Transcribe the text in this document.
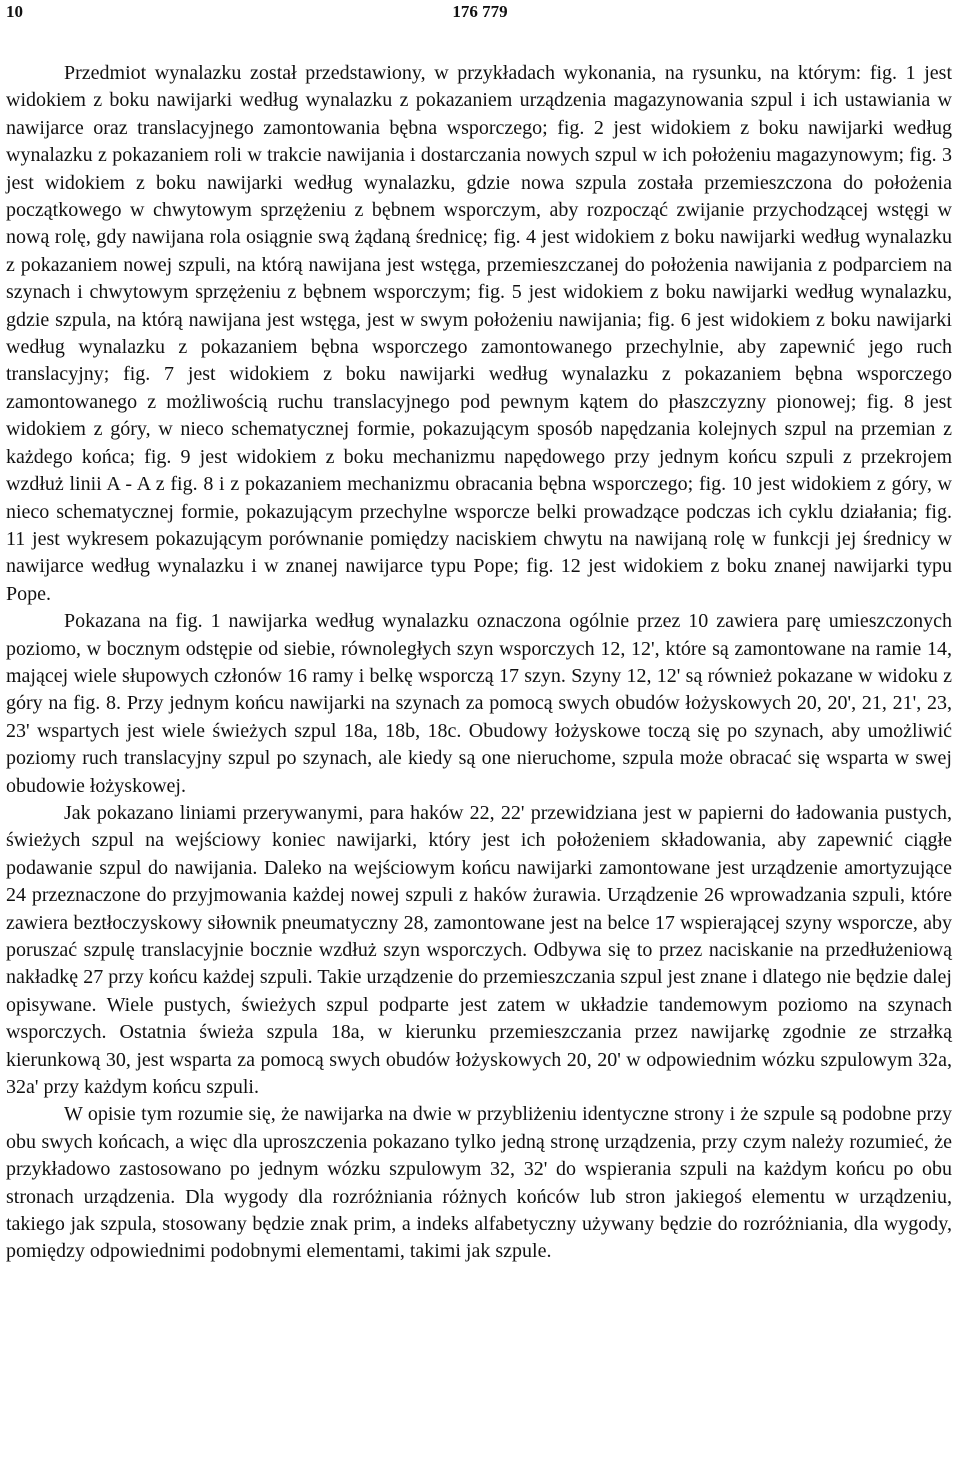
10	176 779

Przedmiot wynalazku został przedstawiony, w przykładach wykonania, na rysunku, na którym: fig. 1 jest widokiem z boku nawijarki według wynalazku z pokazaniem urządzenia magazynowania szpul i ich ustawiania w nawijarce oraz translacyjnego zamontowania bębna wsporczego; fig. 2 jest widokiem z boku nawijarki według wynalazku z pokazaniem roli w trakcie nawijania i dostarczania nowych szpul w ich położeniu magazynowym; fig. 3 jest widokiem z boku nawijarki według wynalazku, gdzie nowa szpula została przemieszczona do położenia początkowego w chwytowym sprzężeniu z bębnem wsporczym, aby rozpocząć zwijanie przychodzącej wstęgi w nową rolę, gdy nawijana rola osiągnie swą żądaną średnicę; fig. 4 jest widokiem z boku nawijarki według wynalazku z pokazaniem nowej szpuli, na którą nawijana jest wstęga, przemieszczanej do położenia nawijania z podparciem na szynach i chwytowym sprzężeniu z bębnem wsporczym; fig. 5 jest widokiem z boku nawijarki według wynalazku, gdzie szpula, na którą nawijana jest wstęga, jest w swym położeniu nawijania; fig. 6 jest widokiem z boku nawijarki według wynalazku z pokazaniem bębna wsporczego zamontowanego przechylnie, aby zapewnić jego ruch translacyjny; fig. 7 jest widokiem z boku nawijarki według wynalazku z pokazaniem bębna wsporczego zamontowanego z możliwością ruchu translacyjnego pod pewnym kątem do płaszczyzny pionowej; fig. 8 jest widokiem z góry, w nieco schematycznej formie, pokazującym sposób napędzania kolejnych szpul na przemian z każdego końca; fig. 9 jest widokiem z boku mechanizmu napędowego przy jednym końcu szpuli z przekrojem wzdłuż linii A - A z fig. 8 i z pokazaniem mechanizmu obracania bębna wsporczego; fig. 10 jest widokiem z góry, w nieco schematycznej formie, pokazującym przechylne wsporcze belki prowadzące podczas ich cyklu działania; fig. 11 jest wykresem pokazującym porównanie pomiędzy naciskiem chwytu na nawijaną rolę w funkcji jej średnicy w nawijarce według wynalazku i w znanej nawijarce typu Pope; fig. 12 jest widokiem z boku znanej nawijarki typu Pope.

Pokazana na fig. 1 nawijarka według wynalazku oznaczona ogólnie przez 10 zawiera parę umieszczonych poziomo, w bocznym odstępie od siebie, równoległych szyn wsporczych 12, 12', które są zamontowane na ramie 14, mającej wiele słupowych członów 16 ramy i belkę wsporczą 17 szyn. Szyny 12, 12' są również pokazane w widoku z góry na fig. 8. Przy jednym końcu nawijarki na szynach za pomocą swych obudów łożyskowych 20, 20', 21, 21', 23, 23' wspartych jest wiele świeżych szpul 18a, 18b, 18c. Obudowy łożyskowe toczą się po szynach, aby umożliwić poziomy ruch translacyjny szpul po szynach, ale kiedy są one nieruchome, szpula może obracać się wsparta w swej obudowie łożyskowej.

Jak pokazano liniami przerywanymi, para haków 22, 22' przewidziana jest w papierni do ładowania pustych, świeżych szpul na wejściowy koniec nawijarki, który jest ich położeniem składowania, aby zapewnić ciągłe podawanie szpul do nawijania. Daleko na wejściowym końcu nawijarki zamontowane jest urządzenie amortyzujące 24 przeznaczone do przyjmowania każdej nowej szpuli z haków żurawia. Urządzenie 26 wprowadzania szpuli, które zawiera beztłoczyskowy siłownik pneumatyczny 28, zamontowane jest na belce 17 wspierającej szyny wsporcze, aby poruszać szpulę translacyjnie bocznie wzdłuż szyn wsporczych. Odbywa się to przez naciskanie na przedłużeniową nakładkę 27 przy końcu każdej szpuli. Takie urządzenie do przemieszczania szpul jest znane i dlatego nie będzie dalej opisywane. Wiele pustych, świeżych szpul podparte jest zatem w układzie tandemowym poziomo na szynach wsporczych. Ostatnia świeża szpula 18a, w kierunku przemieszczania przez nawijarkę zgodnie ze strzałką kierunkową 30, jest wsparta za pomocą swych obudów łożyskowych 20, 20' w odpowiednim wózku szpulowym 32a, 32a' przy każdym końcu szpuli.

W opisie tym rozumie się, że nawijarka na dwie w przybliżeniu identyczne strony i że szpule są podobne przy obu swych końcach, a więc dla uproszczenia pokazano tylko jedną stronę urządzenia, przy czym należy rozumieć, że przykładowo zastosowano po jednym wózku szpulowym 32, 32' do wspierania szpuli na każdym końcu po obu stronach urządzenia. Dla wygody dla rozróżniania różnych końców lub stron jakiegoś elementu w urządzeniu, takiego jak szpula, stosowany będzie znak prim, a indeks alfabetyczny używany będzie do rozróżniania, dla wygody, pomiędzy odpowiednimi podobnymi elementami, takimi jak szpule.
